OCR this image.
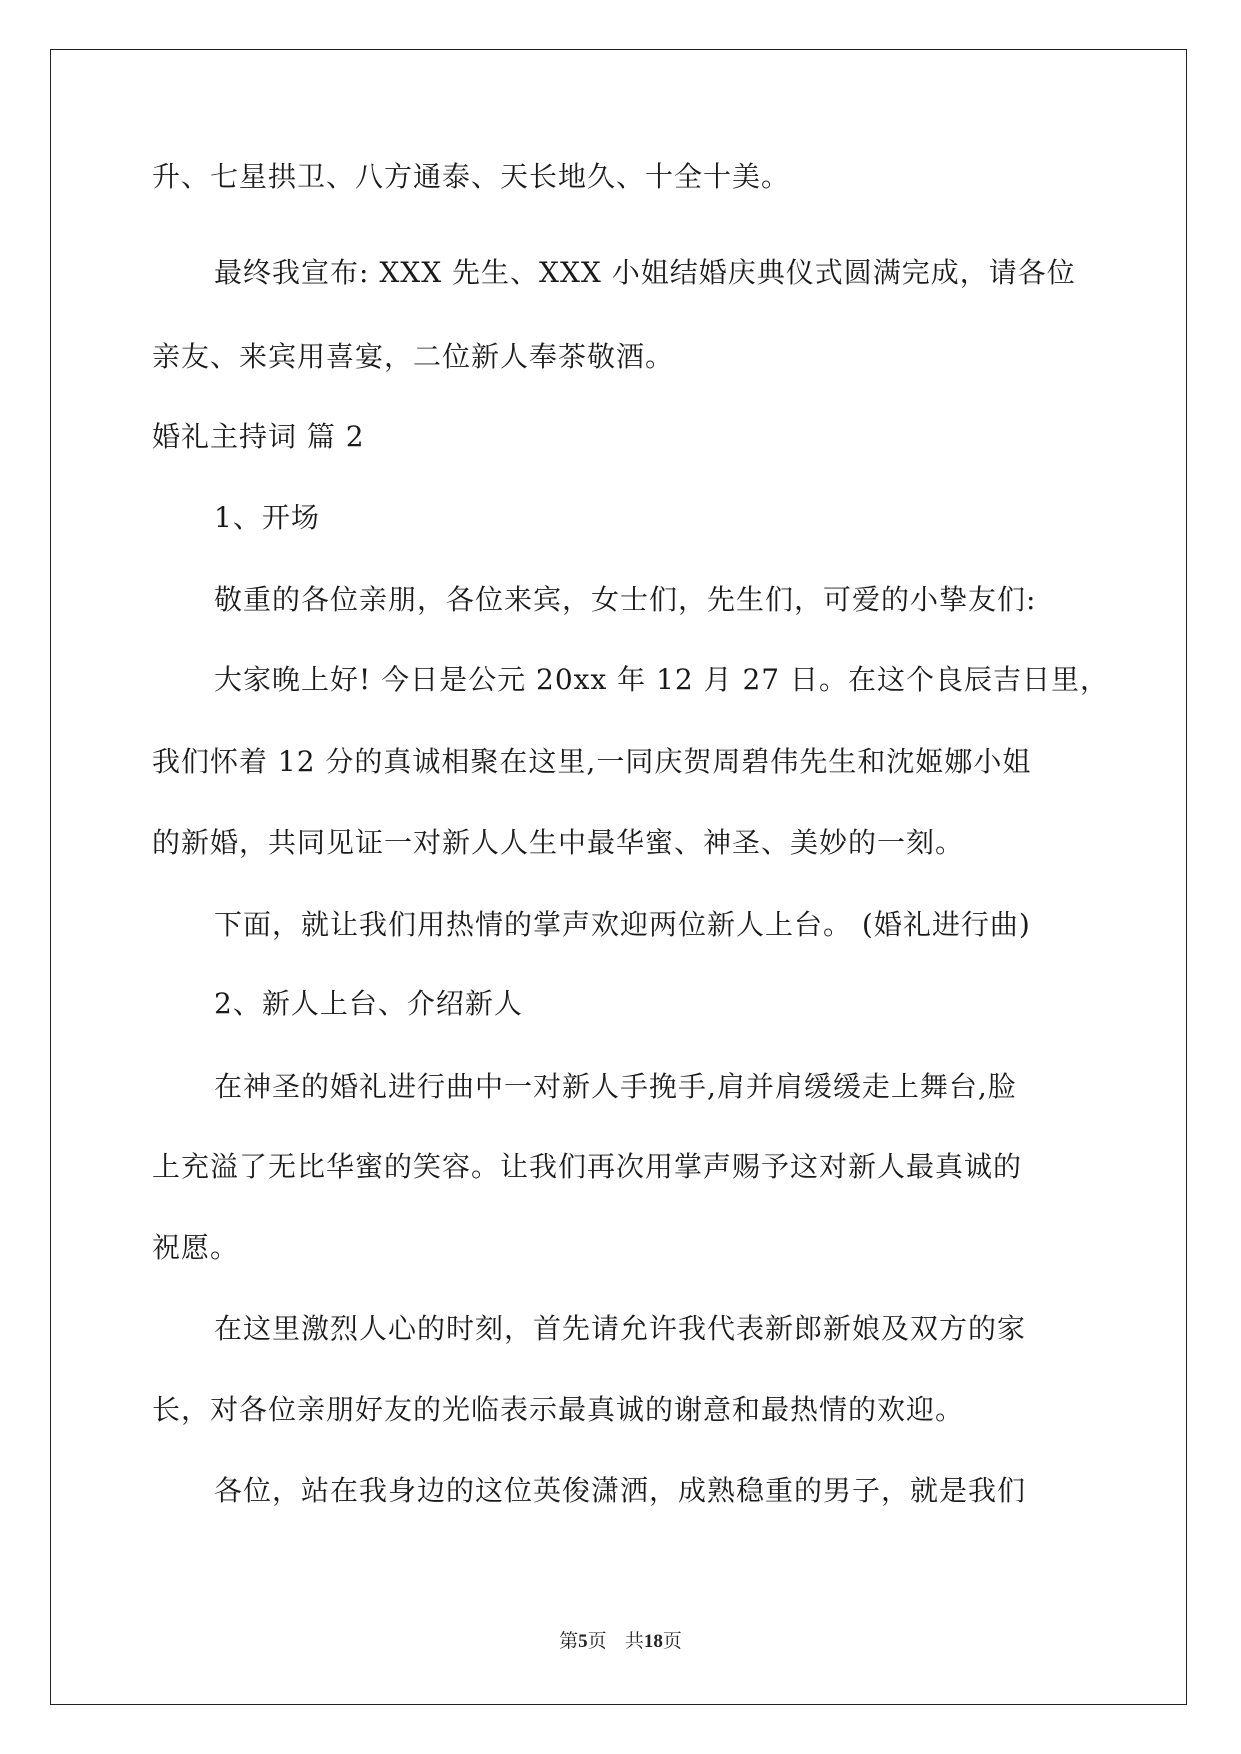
升、七星拱卫、八方通泰、天长地久、十全十美。
最终我宣布: XXX 先生、XXX 小姐结婚庆典仪式圆满完成，请各位
亲友、来宾用喜宴，二位新人奉茶敬酒。
婚礼主持词 篇 2
1、开场
敬重的各位亲朋，各位来宾，女士们，先生们，可爱的小挚友们:
大家晚上好! 今日是公元 20xx 年 12 月 27 日。在这个良辰吉日里，
我们怀着 12 分的真诚相聚在这里,一同庆贺周碧伟先生和沈姬娜小姐
的新婚，共同见证一对新人人生中最华蜜、神圣、美妙的一刻。
下面，就让我们用热情的掌声欢迎两位新人上台。 (婚礼进行曲)
2、新人上台、介绍新人
在神圣的婚礼进行曲中一对新人手挽手,肩并肩缓缓走上舞台,脸
上充溢了无比华蜜的笑容。让我们再次用掌声赐予这对新人最真诚的
祝愿。
在这里激烈人心的时刻，首先请允许我代表新郎新娘及双方的家
长，对各位亲朋好友的光临表示最真诚的谢意和最热情的欢迎。
各位，站在我身边的这位英俊潇洒，成熟稳重的男子，就是我们
第5页 共18页
